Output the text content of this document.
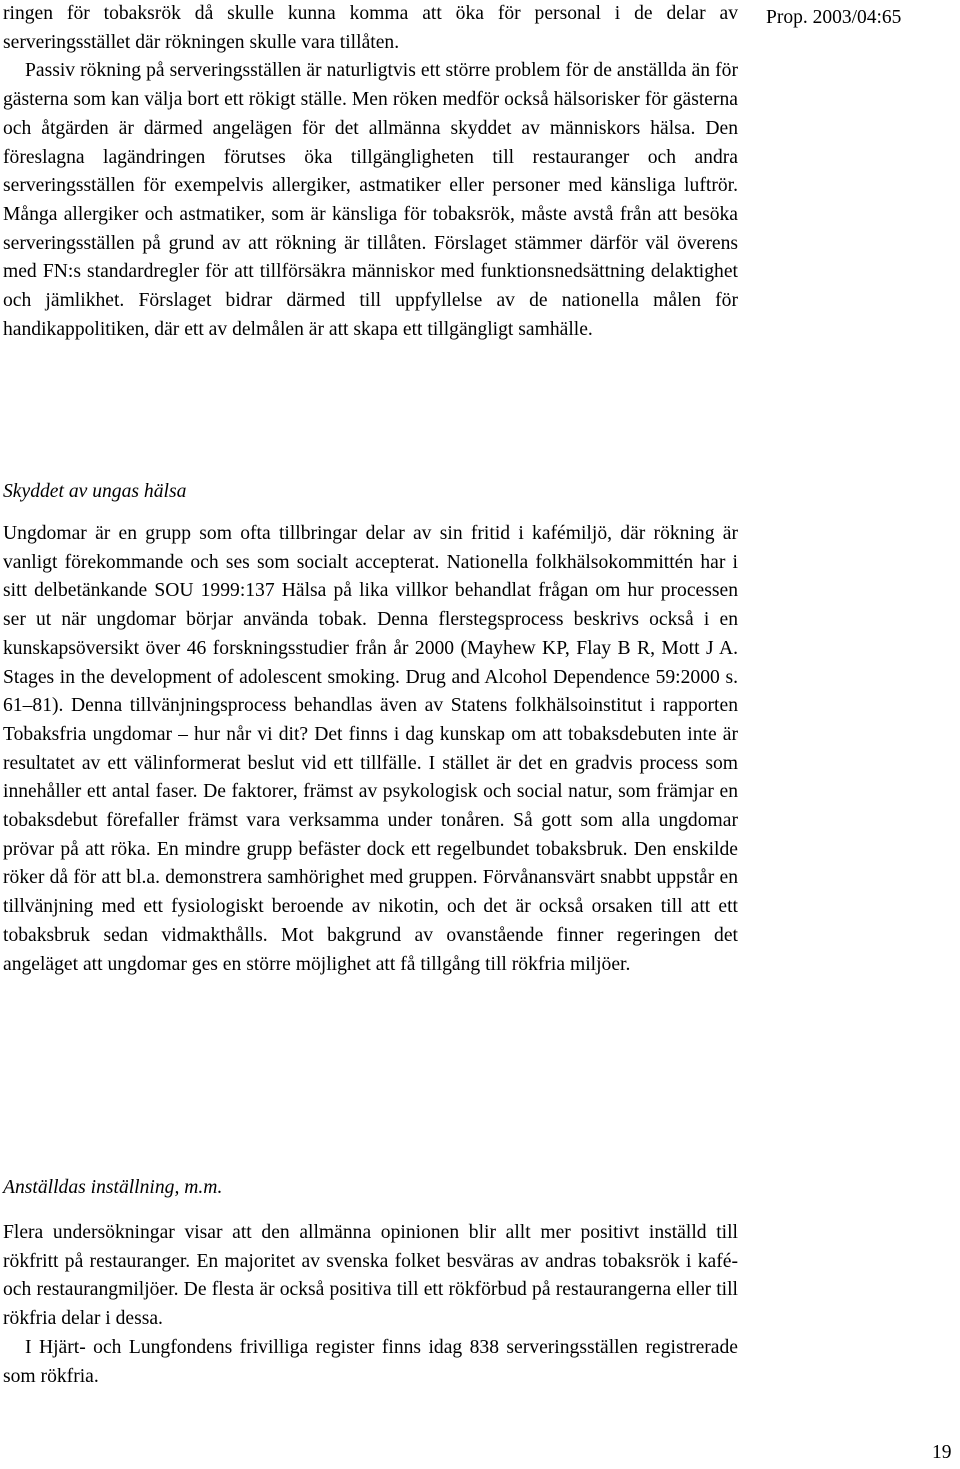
Prop. 2003/04:65

ringen för tobaksrök då skulle kunna komma att öka för personal i de delar av serveringsstället där rökningen skulle vara tillåten.

Passiv rökning på serveringsställen är naturligtvis ett större problem för de anställda än för gästerna som kan välja bort ett rökigt ställe. Men röken medför också hälsorisker för gästerna och åtgärden är därmed angelägen för det allmänna skyddet av människors hälsa. Den föreslagna lagändringen förutses öka tillgängligheten till restauranger och andra serveringsställen för exempelvis allergiker, astmatiker eller personer med känsliga luftrör. Många allergiker och astmatiker, som är känsliga för tobaksrök, måste avstå från att besöka serveringsställen på grund av att rökning är tillåten. Förslaget stämmer därför väl överens med FN:s standardregler för att tillförsäkra människor med funktionsnedsättning delaktighet och jämlikhet. Förslaget bidrar därmed till uppfyllelse av de nationella målen för handikappolitiken, där ett av delmålen är att skapa ett tillgängligt samhälle.

Skyddet av ungas hälsa

Ungdomar är en grupp som ofta tillbringar delar av sin fritid i kafémiljö, där rökning är vanligt förekommande och ses som socialt accepterat. Nationella folkhälsokommittén har i sitt delbetänkande SOU 1999:137 Hälsa på lika villkor behandlat frågan om hur processen ser ut när ungdomar börjar använda tobak. Denna flerstegsprocess beskrivs också i en kunskapsöversikt över 46 forskningsstudier från år 2000 (Mayhew KP, Flay B R, Mott J A. Stages in the development of adolescent smoking. Drug and Alcohol Dependence 59:2000 s. 61–81). Denna tillvänjningsprocess behandlas även av Statens folkhälsoinstitut i rapporten Tobaksfria ungdomar – hur når vi dit? Det finns i dag kunskap om att tobaksdebuten inte är resultatet av ett välinformerat beslut vid ett tillfälle. I stället är det en gradvis process som innehåller ett antal faser. De faktorer, främst av psykologisk och social natur, som främjar en tobaksdebut förefaller främst vara verksamma under tonåren. Så gott som alla ungdomar prövar på att röka. En mindre grupp befäster dock ett regelbundet tobaksbruk. Den enskilde röker då för att bl.a. demonstrera samhörighet med gruppen. Förvånansvärt snabbt uppstår en tillvänjning med ett fysiologiskt beroende av nikotin, och det är också orsaken till att ett tobaksbruk sedan vidmakthålls. Mot bakgrund av ovanstående finner regeringen det angeläget att ungdomar ges en större möjlighet att få tillgång till rökfria miljöer.

Anställdas inställning, m.m.

Flera undersökningar visar att den allmänna opinionen blir allt mer positivt inställd till rökfritt på restauranger. En majoritet av svenska folket besväras av andras tobaksrök i kafé- och restaurangmiljöer. De flesta är också positiva till ett rökförbud på restaurangerna eller till rökfria delar i dessa.

I Hjärt- och Lungfondens frivilliga register finns idag 838 serveringsställen registrerade som rökfria.

19
